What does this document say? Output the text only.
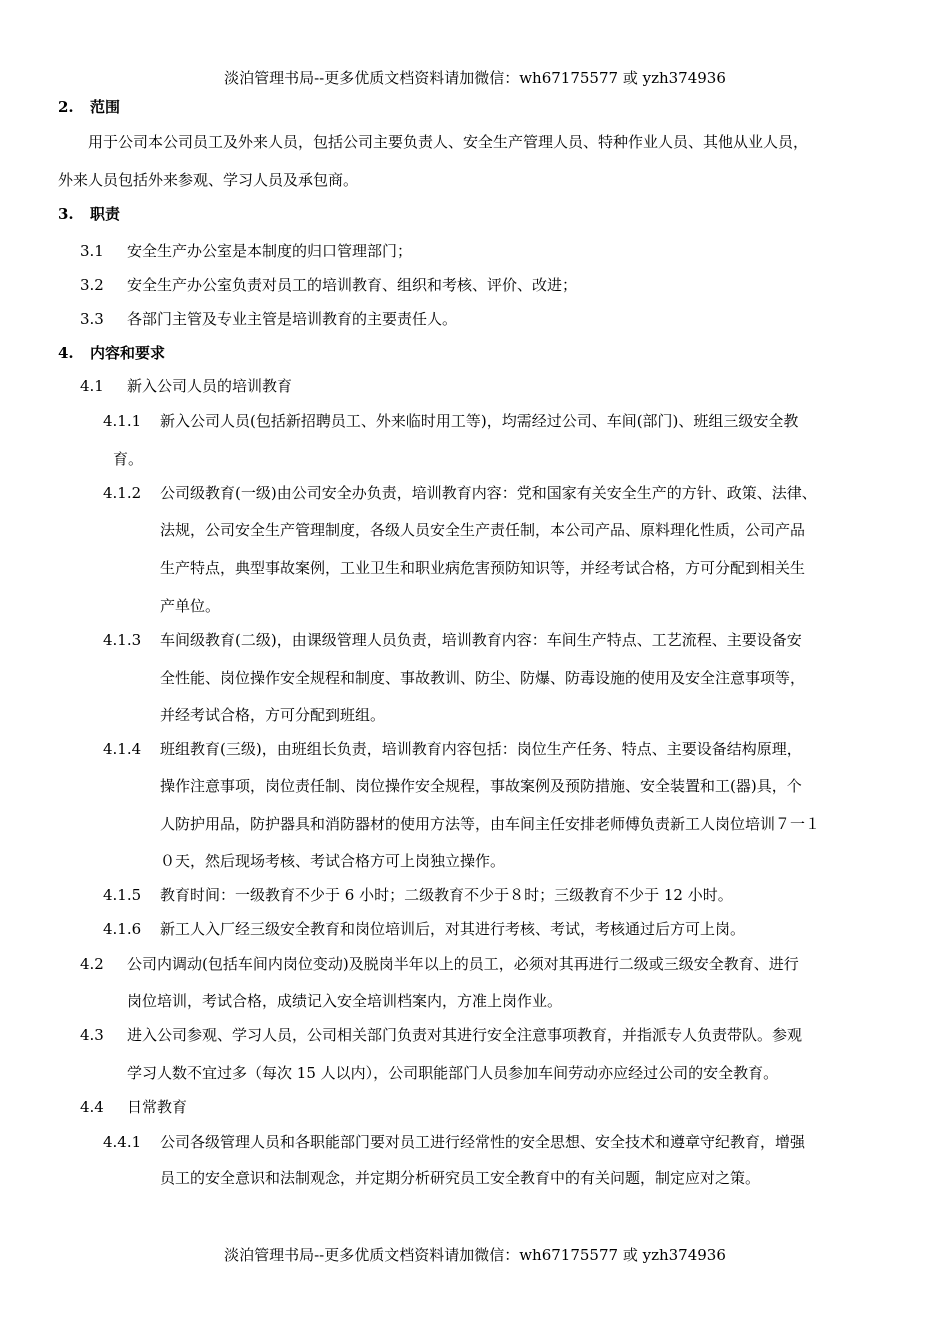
淡泊管理书局--更多优质文档资料请加微信：wh67175577 或 yzh374936
2. 范围
用于公司本公司员工及外来人员，包括公司主要负责人、安全生产管理人员、特种作业人员、其他从业人员，
外来人员包括外来参观、学习人员及承包商。
3. 职责
3.1 安全生产办公室是本制度的归口管理部门；
3.2 安全生产办公室负责对员工的培训教育、组织和考核、评价、改进；
3.3 各部门主管及专业主管是培训教育的主要责任人。
4. 内容和要求
4.1 新入公司人员的培训教育
4.1.1 新入公司人员(包括新招聘员工、外来临时用工等)，均需经过公司、车间(部门)、班组三级安全教
育。
4.1.2 公司级教育(一级)由公司安全办负责，培训教育内容：党和国家有关安全生产的方针、政策、法律、
法规，公司安全生产管理制度，各级人员安全生产责任制，本公司产品、原料理化性质，公司产品
生产特点，典型事故案例，工业卫生和职业病危害预防知识等，并经考试合格，方可分配到相关生
产单位。
4.1.3 车间级教育(二级)，由课级管理人员负责，培训教育内容：车间生产特点、工艺流程、主要设备安
全性能、岗位操作安全规程和制度、事故教训、防尘、防爆、防毒设施的使用及安全注意事项等，
并经考试合格，方可分配到班组。
4.1.4 班组教育(三级)，由班组长负责，培训教育内容包括：岗位生产任务、特点、主要设备结构原理，
操作注意事项，岗位责任制、岗位操作安全规程，事故案例及预防措施、安全装置和工(器)具，个
人防护用品，防护器具和消防器材的使用方法等，由车间主任安排老师傅负责新工人岗位培训７一１
０天，然后现场考核、考试合格方可上岗独立操作。
4.1.5 教育时间：一级教育不少于 6 小时；二级教育不少于８时；三级教育不少于 12 小时。
4.1.6 新工人入厂经三级安全教育和岗位培训后，对其进行考核、考试，考核通过后方可上岗。
4.2 公司内调动(包括车间内岗位变动)及脱岗半年以上的员工，必须对其再进行二级或三级安全教育、进行
岗位培训，考试合格，成绩记入安全培训档案内，方准上岗作业。
4.3 进入公司参观、学习人员，公司相关部门负责对其进行安全注意事项教育，并指派专人负责带队。参观
学习人数不宜过多（每次 15 人以内），公司职能部门人员参加车间劳动亦应经过公司的安全教育。
4.4 日常教育
4.4.1 公司各级管理人员和各职能部门要对员工进行经常性的安全思想、安全技术和遵章守纪教育，增强
员工的安全意识和法制观念，并定期分析研究员工安全教育中的有关问题，制定应对之策。
淡泊管理书局--更多优质文档资料请加微信：wh67175577 或 yzh374936
